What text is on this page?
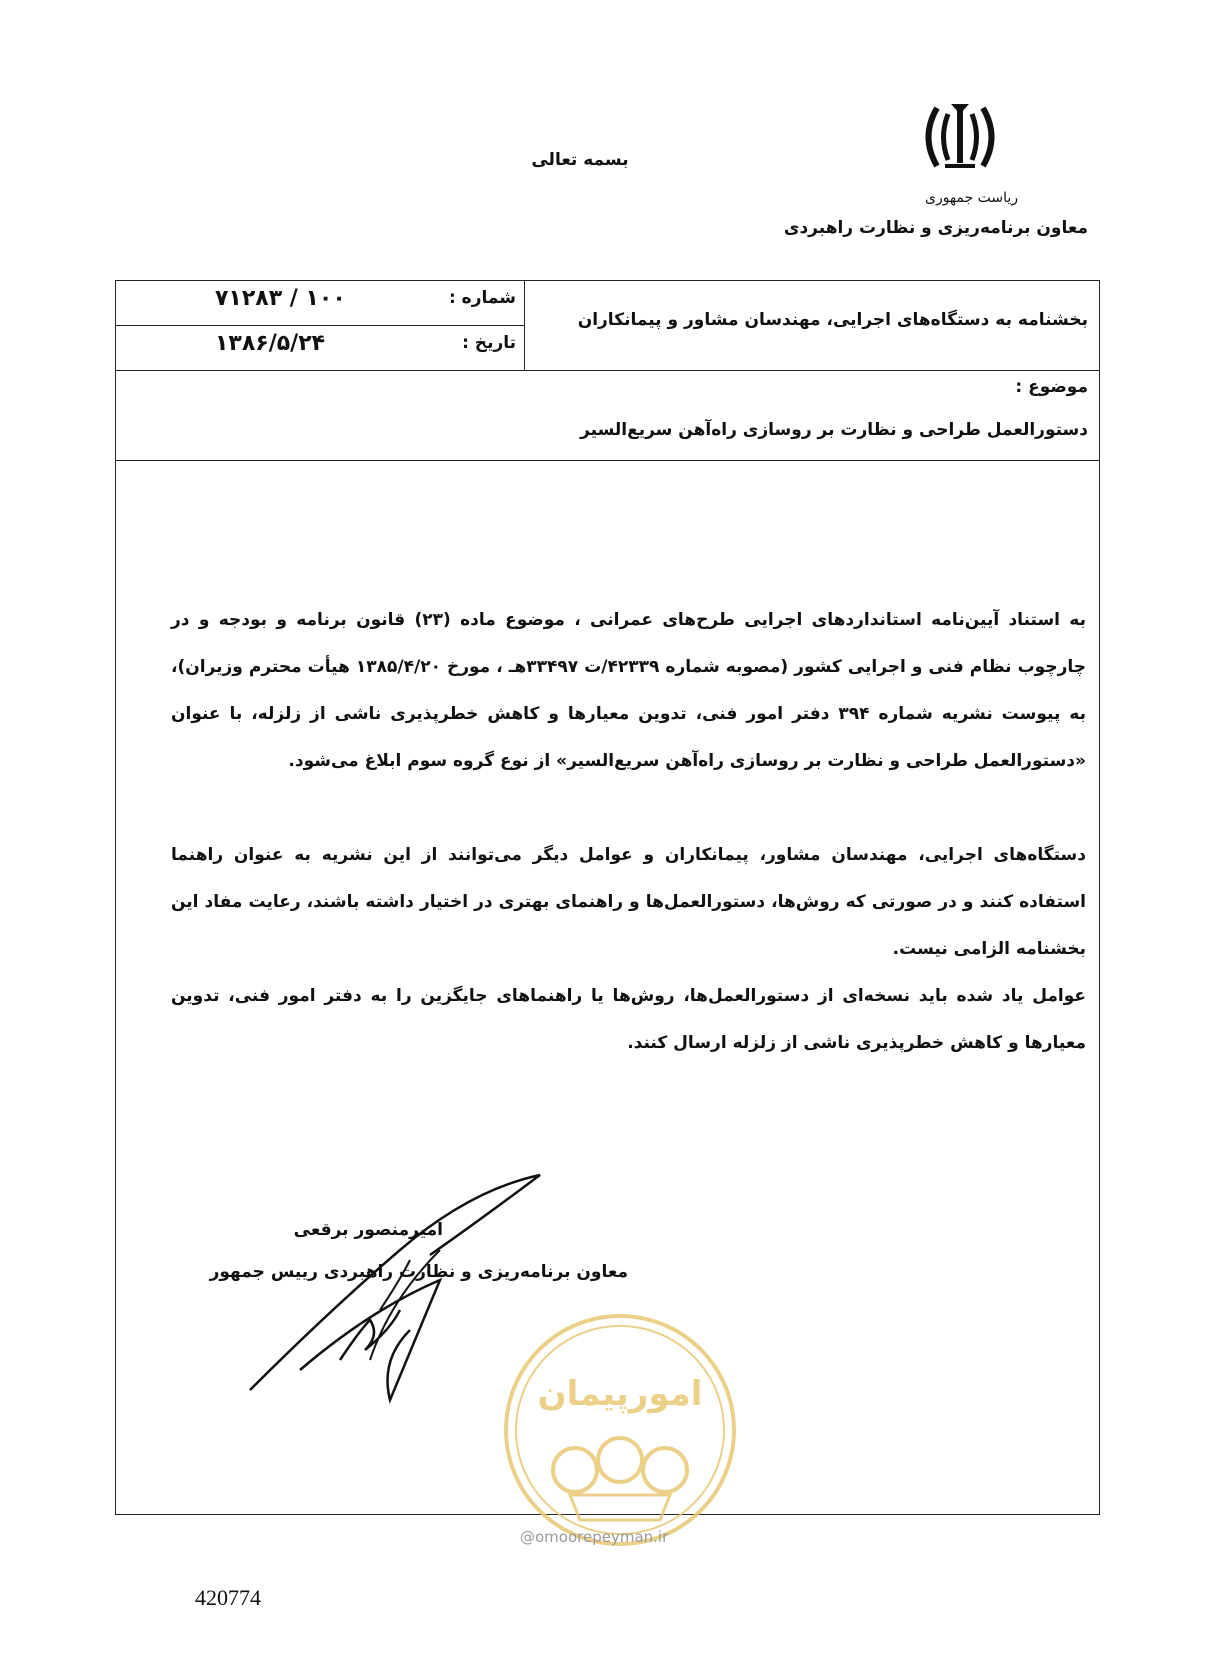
بسمه تعالی
ریاست جمهوری
معاون برنامه‌ریزی و نظارت راهبردی
شماره :
۱۰۰ / ۷۱۲۸۳
تاریخ :
۱۳۸۶/۵/۲۴
بخشنامه به دستگاه‌های اجرایی، مهندسان مشاور و پیمانکاران
موضوع :
دستورالعمل طراحی و نظارت بر روسازی راه‌آهن سریع‌السیر
به استناد آیین‌نامه استانداردهای اجرایی طرح‌های عمرانی ، موضوع ماده (۲۳) قانون برنامه و بودجه و در چارچوب نظام فنی و اجرایی کشور (مصوبه شماره ۴۲۳۳۹/ت ۳۳۴۹۷هـ ، مورخ ۱۳۸۵/۴/۲۰ هیأت محترم وزیران)، به پیوست نشریه شماره ۳۹۴ دفتر امور فنی، تدوین معیارها و کاهش خطرپذیری ناشی از زلزله، با عنوان «دستورالعمل طراحی و نظارت بر روسازی راه‌آهن سریع‌السیر» از نوع گروه سوم ابلاغ می‌شود.
دستگاه‌های اجرایی، مهندسان مشاور، پیمانکاران و عوامل دیگر می‌توانند از این نشریه به عنوان راهنما استفاده کنند و در صورتی که روش‌ها، دستورالعمل‌ها و راهنمای بهتری در اختیار داشته باشند، رعایت مفاد این بخشنامه الزامی نیست.
عوامل یاد شده باید نسخه‌ای از دستورالعمل‌ها، روش‌ها یا راهنماهای جایگزین را به دفتر امور فنی، تدوین معیارها و کاهش خطرپذیری ناشی از زلزله ارسال کنند.
امیرمنصور برقعی
معاون برنامه‌ریزی و نظارت راهبردی رییس جمهور
امورپیمان
@omoorepeyman.ir
420774
